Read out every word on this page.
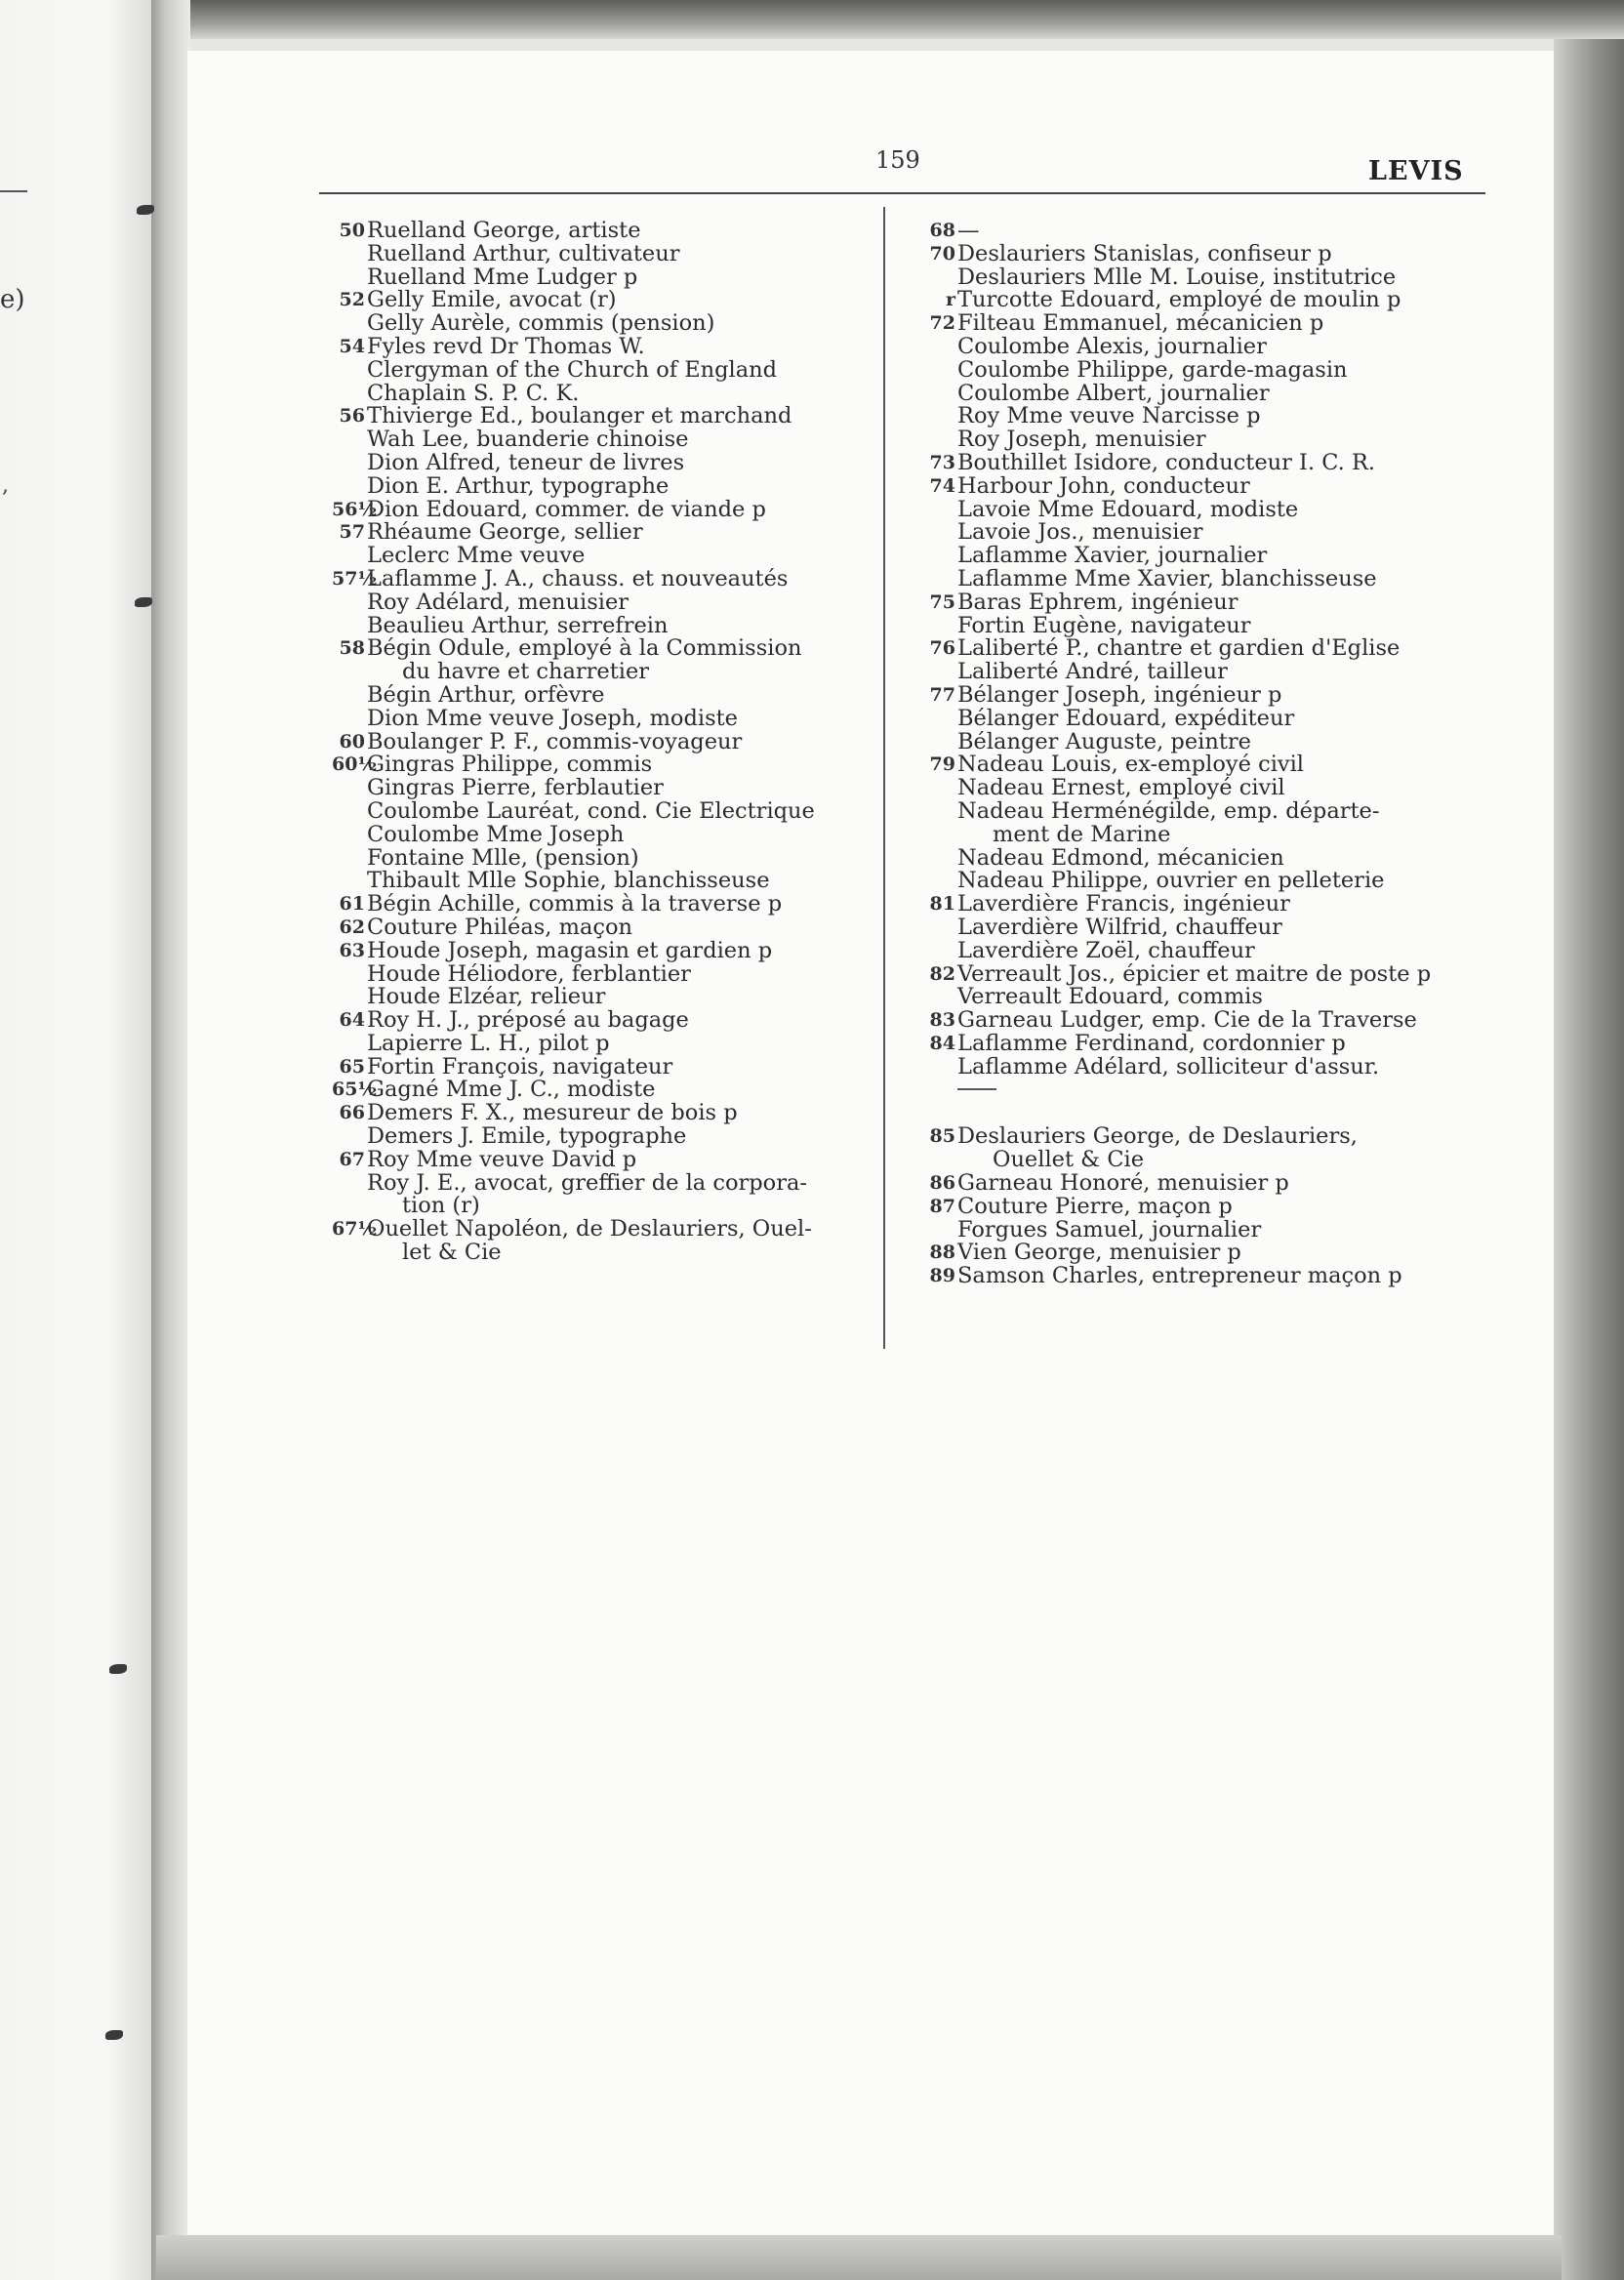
e)
,
159	LEVIS
50 Ruelland George, artiste
Ruelland Arthur, cultivateur
Ruelland Mme Ludger p
52 Gelly Emile, avocat (r)
Gelly Aurèle, commis (pension)
54 Fyles revd Dr Thomas W.
Clergyman of the Church of England
Chaplain S. P. C. K.
56 Thivierge Ed., boulanger et marchand
Wah Lee, buanderie chinoise
Dion Alfred, teneur de livres
Dion E. Arthur, typographe
56½
Dion Edouard, commer. de viande p
57 Rhéaume George, sellier
Leclerc Mme veuve
57½
Laflamme J. A., chauss. et nouveautés
Roy Adélard, menuisier
Beaulieu Arthur, serrefrein
58 Bégin Odule, employé à la Commission
du havre et charretier
Bégin Arthur, orfèvre
Dion Mme veuve Joseph, modiste
60 Boulanger P. F., commis-voyageur
60½
Gingras Philippe, commis
Gingras Pierre, ferblautier
Coulombe Lauréat, cond. Cie Electrique
Coulombe Mme Joseph
Fontaine Mlle, (pension)
Thibault Mlle Sophie, blanchisseuse
61 Bégin Achille, commis à la traverse p
62 Couture Philéas, maçon
63 Houde Joseph, magasin et gardien p
Houde Héliodore, ferblantier
Houde Elzéar, relieur
64 Roy H. J., préposé au bagage
Lapierre L. H., pilot p
65 Fortin François, navigateur
65½
Gagné Mme J. C., modiste
66 Demers F. X., mesureur de bois p
Demers J. Emile, typographe
67 Roy Mme veuve David p
Roy J. E., avocat, greffier de la corpora-
tion (r)
67½
Ouellet Napoléon, de Deslauriers, Ouel-
let & Cie
68 —
70 Deslauriers Stanislas, confiseur p
Deslauriers Mlle M. Louise, institutrice
r Turcotte Edouard, employé de moulin p
72 Filteau Emmanuel, mécanicien p
Coulombe Alexis, journalier
Coulombe Philippe, garde-magasin
Coulombe Albert, journalier
Roy Mme veuve Narcisse p
Roy Joseph, menuisier
73 Bouthillet Isidore, conducteur I. C. R.
74 Harbour John, conducteur
Lavoie Mme Edouard, modiste
Lavoie Jos., menuisier
Laflamme Xavier, journalier
Laflamme Mme Xavier, blanchisseuse
75 Baras Ephrem, ingénieur
Fortin Eugène, navigateur
76 Laliberté P., chantre et gardien d'Eglise
Laliberté André, tailleur
77 Bélanger Joseph, ingénieur p
Bélanger Edouard, expéditeur
Bélanger Auguste, peintre
79 Nadeau Louis, ex-employé civil
Nadeau Ernest, employé civil
Nadeau Herménégilde, emp. départe-
ment de Marine
Nadeau Edmond, mécanicien
Nadeau Philippe, ouvrier en pelleterie
81 Laverdière Francis, ingénieur
Laverdière Wilfrid, chauffeur
Laverdière Zoël, chauffeur
82 Verreault Jos., épicier et maitre de poste p
Verreault Edouard, commis
83 Garneau Ludger, emp. Cie de la Traverse
84 Laflamme Ferdinand, cordonnier p
Laflamme Adélard, solliciteur d'assur.
85 Deslauriers George, de Deslauriers,
Ouellet & Cie
86 Garneau Honoré, menuisier p
87 Couture Pierre, maçon p
Forgues Samuel, journalier
88 Vien George, menuisier p
89 Samson Charles, entrepreneur maçon p
